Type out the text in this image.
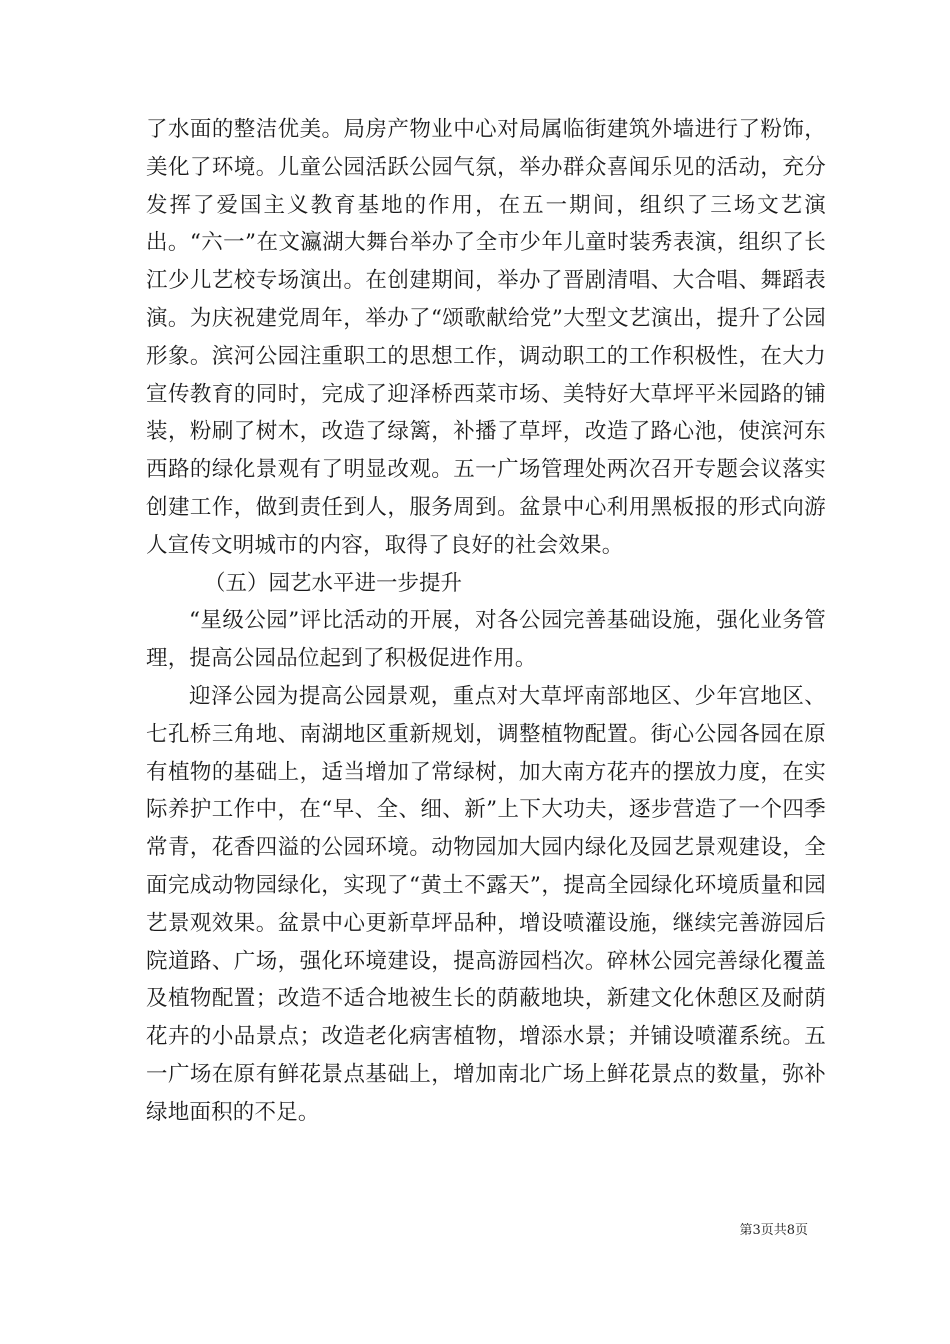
了水面的整洁优美。局房产物业中心对局属临街建筑外墙进行了粉饰，美化了环境。儿童公园活跃公园气氛，举办群众喜闻乐见的活动，充分发挥了爱国主义教育基地的作用，在五一期间，组织了三场文艺演出。“六一”在文瀛湖大舞台举办了全市少年儿童时装秀表演，组织了长江少儿艺校专场演出。在创建期间，举办了晋剧清唱、大合唱、舞蹈表演。为庆祝建党周年，举办了“颂歌献给党”大型文艺演出，提升了公园形象。滨河公园注重职工的思想工作，调动职工的工作积极性，在大力宣传教育的同时，完成了迎泽桥西菜市场、美特好大草坪平米园路的铺装，粉刷了树木，改造了绿篱，补播了草坪，改造了路心池，使滨河东西路的绿化景观有了明显改观。五一广场管理处两次召开专题会议落实创建工作，做到责任到人，服务周到。盆景中心利用黑板报的形式向游人宣传文明城市的内容，取得了良好的社会效果。

（五）园艺水平进一步提升

“星级公园”评比活动的开展，对各公园完善基础设施，强化业务管理，提高公园品位起到了积极促进作用。

迎泽公园为提高公园景观，重点对大草坪南部地区、少年宫地区、七孔桥三角地、南湖地区重新规划，调整植物配置。街心公园各园在原有植物的基础上，适当增加了常绿树，加大南方花卉的摆放力度，在实际养护工作中，在“早、全、细、新”上下大功夫，逐步营造了一个四季常青，花香四溢的公园环境。动物园加大园内绿化及园艺景观建设，全面完成动物园绿化，实现了“黄土不露天”，提高全园绿化环境质量和园艺景观效果。盆景中心更新草坪品种，增设喷灌设施，继续完善游园后院道路、广场，强化环境建设，提高游园档次。碎林公园完善绿化覆盖及植物配置；改造不适合地被生长的荫蔽地块，新建文化休憩区及耐荫花卉的小品景点；改造老化病害植物，增添水景；并铺设喷灌系统。五一广场在原有鲜花景点基础上，增加南北广场上鲜花景点的数量，弥补绿地面积的不足。

第3页共8页
